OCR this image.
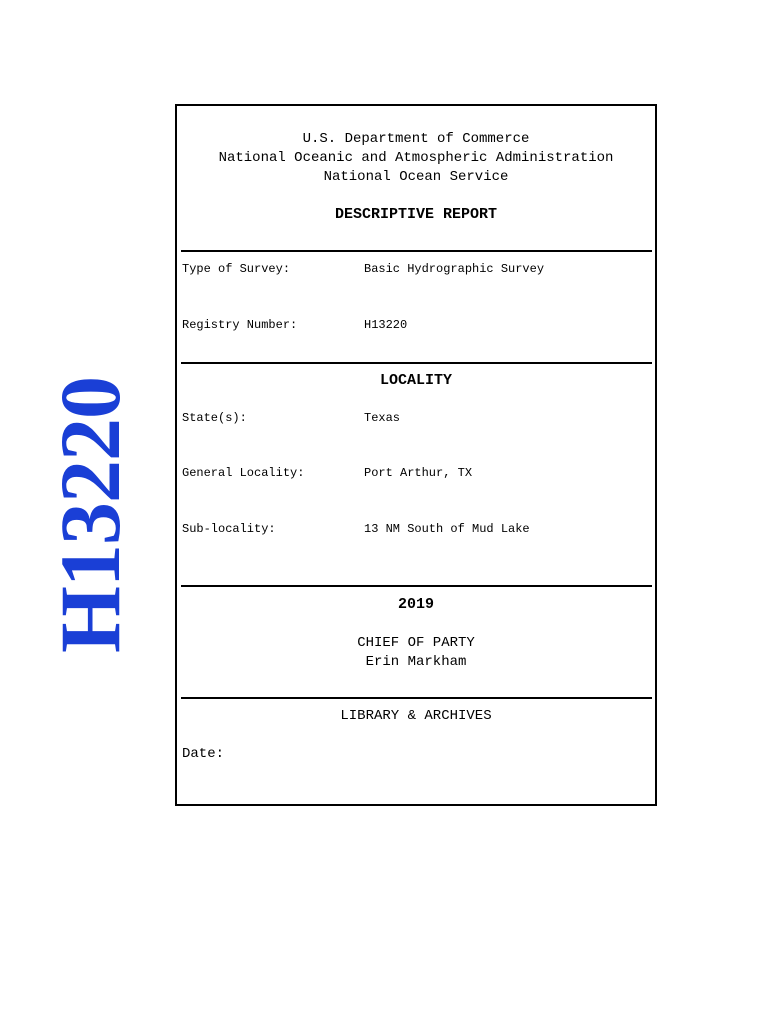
H13220
U.S. Department of Commerce
National Oceanic and Atmospheric Administration
National Ocean Service
DESCRIPTIVE REPORT
Type of Survey:	Basic Hydrographic Survey
Registry Number:	H13220
LOCALITY
State(s):	Texas
General Locality:	Port Arthur, TX
Sub-locality:	13 NM South of Mud Lake
2019
CHIEF OF PARTY
Erin Markham
LIBRARY & ARCHIVES
Date:
